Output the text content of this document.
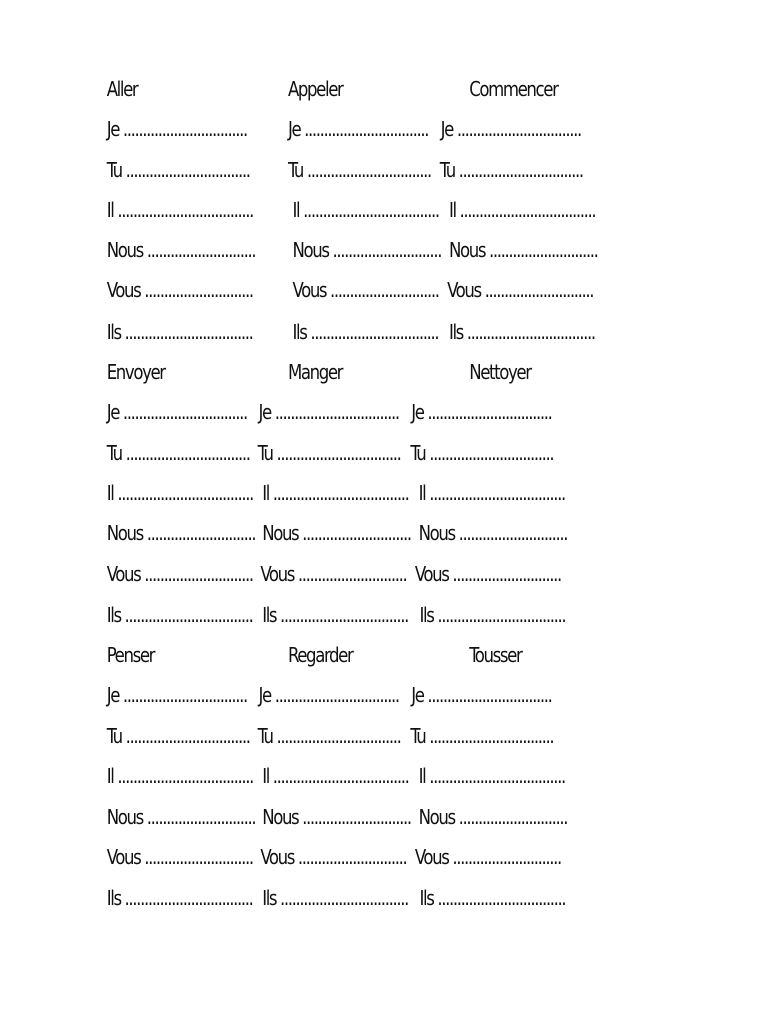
Aller	Appeler	Commencer
Je ................................ Je ................................ Je ................................
Tu ................................ Tu ................................ Tu ................................
Il ................................... Il ................................... Il ...................................
Nous ............................ Nous ............................ Nous ............................
Vous ............................ Vous ............................ Vous ............................
Ils ................................. Ils ................................. Ils .................................
Envoyer	Manger	Nettoyer
Je ................................ Je ................................ Je ................................
Tu ................................ Tu ................................ Tu ................................
Il ................................... Il ................................... Il ...................................
Nous ............................ Nous ............................ Nous ............................
Vous ............................ Vous ............................ Vous ............................
Ils ................................. Ils ................................. Ils .................................
Penser	Regarder	Tousser
Je ................................ Je ................................ Je ................................
Tu ................................ Tu ................................ Tu ................................
Il ................................... Il ................................... Il ...................................
Nous ............................ Nous ............................ Nous ............................
Vous ............................ Vous ............................ Vous ............................
Ils ................................. Ils ................................. Ils .................................
